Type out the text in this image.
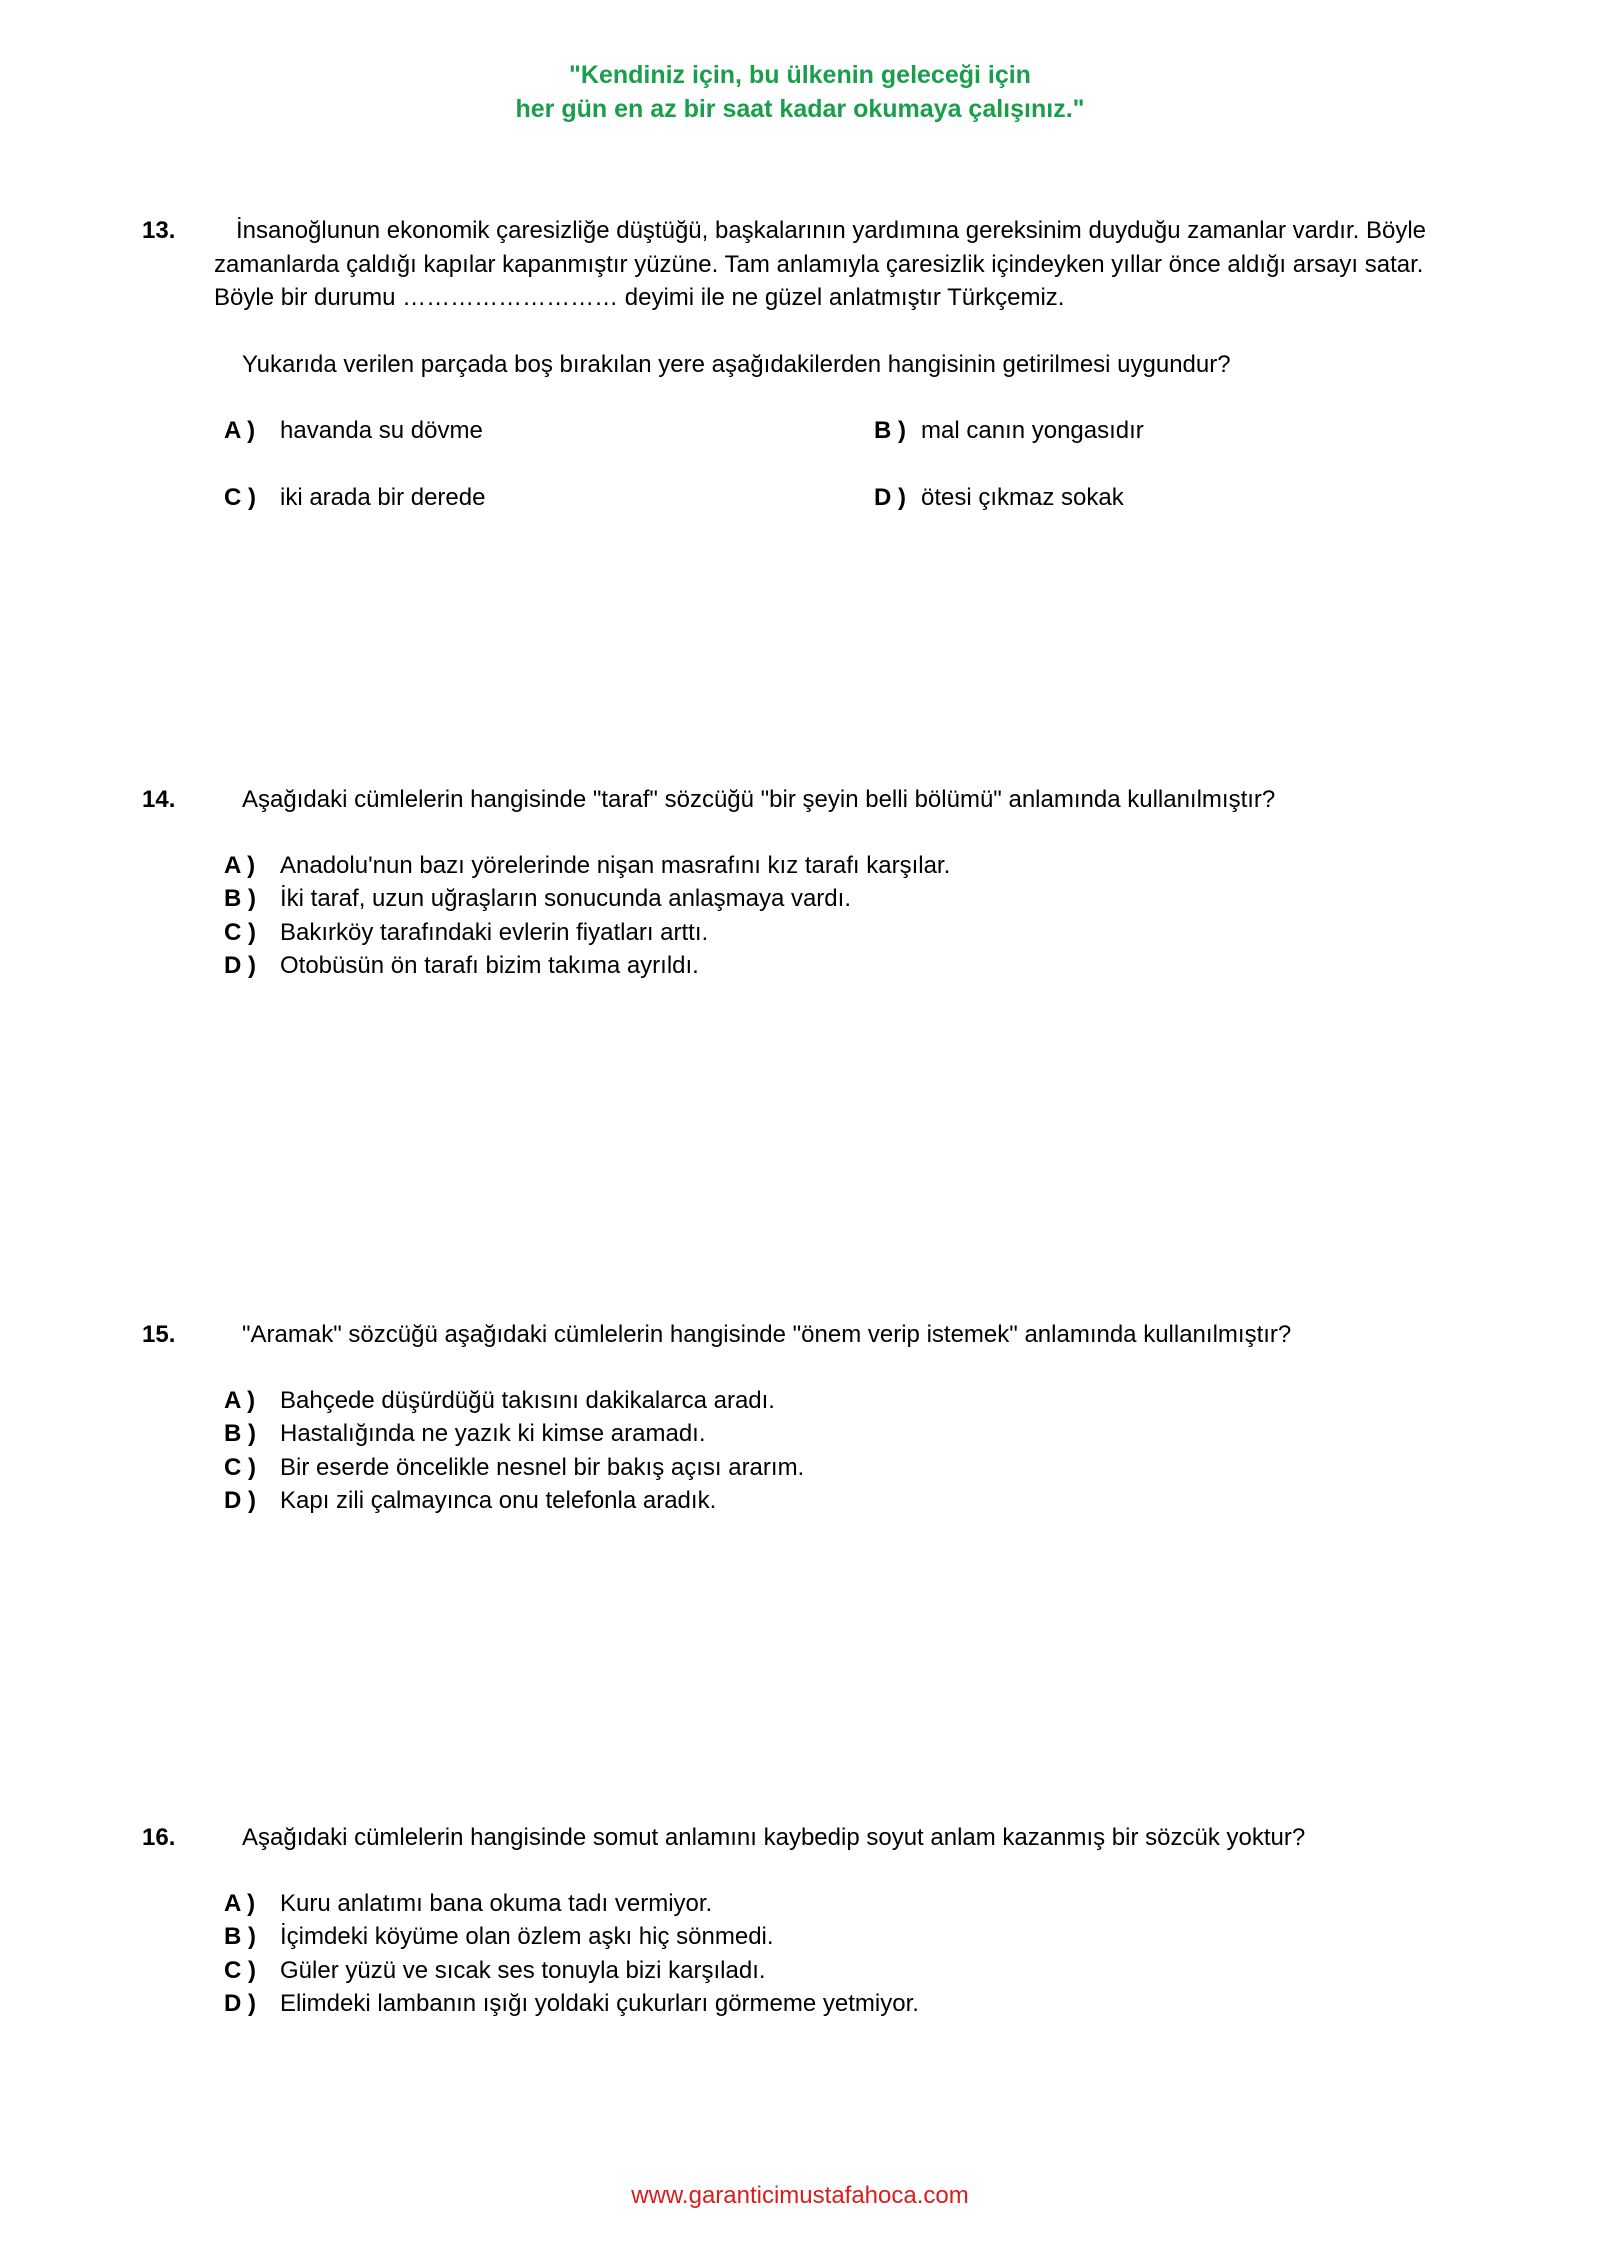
"Kendiniz için, bu ülkenin geleceği için
her gün en az bir saat kadar okumaya çalışınız."
13.	İnsanoğlunun ekonomik çaresizliğe düştüğü, başkalarının yardımına gereksinim duyduğu zamanlar vardır. Böyle zamanlarda çaldığı kapılar kapanmıştır yüzüne. Tam anlamıyla çaresizlik içindeyken yıllar önce aldığı arsayı satar. Böyle bir durumu ……………………… deyimi ile ne güzel anlatmıştır Türkçemiz.
Yukarıda verilen parçada boş bırakılan yere aşağıdakilerden hangisinin getirilmesi uygundur?
A )	havanda su dövme	B ) mal canın yongasıdır
C )	iki arada bir derede	D ) ötesi çıkmaz sokak
14.	Aşağıdaki cümlelerin hangisinde "taraf" sözcüğü "bir şeyin belli bölümü" anlamında kullanılmıştır?
A )	Anadolu'nun bazı yörelerinde nişan masrafını kız tarafı karşılar.
B )	İki taraf, uzun uğraşların sonucunda anlaşmaya vardı.
C )	Bakırköy tarafındaki evlerin fiyatları arttı.
D )	Otobüsün ön tarafı bizim takıma ayrıldı.
15.	"Aramak" sözcüğü aşağıdaki cümlelerin hangisinde "önem verip istemek" anlamında kullanılmıştır?
A )	Bahçede düşürdüğü takısını dakikalarca aradı.
B )	Hastalığında ne yazık ki kimse aramadı.
C )	Bir eserde öncelikle nesnel bir bakış açısı ararım.
D )	Kapı zili çalmayınca onu telefonla aradık.
16.	Aşağıdaki cümlelerin hangisinde somut anlamını kaybedip soyut anlam kazanmış bir sözcük yoktur?
A )	Kuru anlatımı bana okuma tadı vermiyor.
B )	İçimdeki köyüme olan özlem aşkı hiç sönmedi.
C )	Güler yüzü ve sıcak ses tonuyla bizi karşıladı.
D )	Elimdeki lambanın ışığı yoldaki çukurları görmeme yetmiyor.
www.garanticimustafahoca.com
